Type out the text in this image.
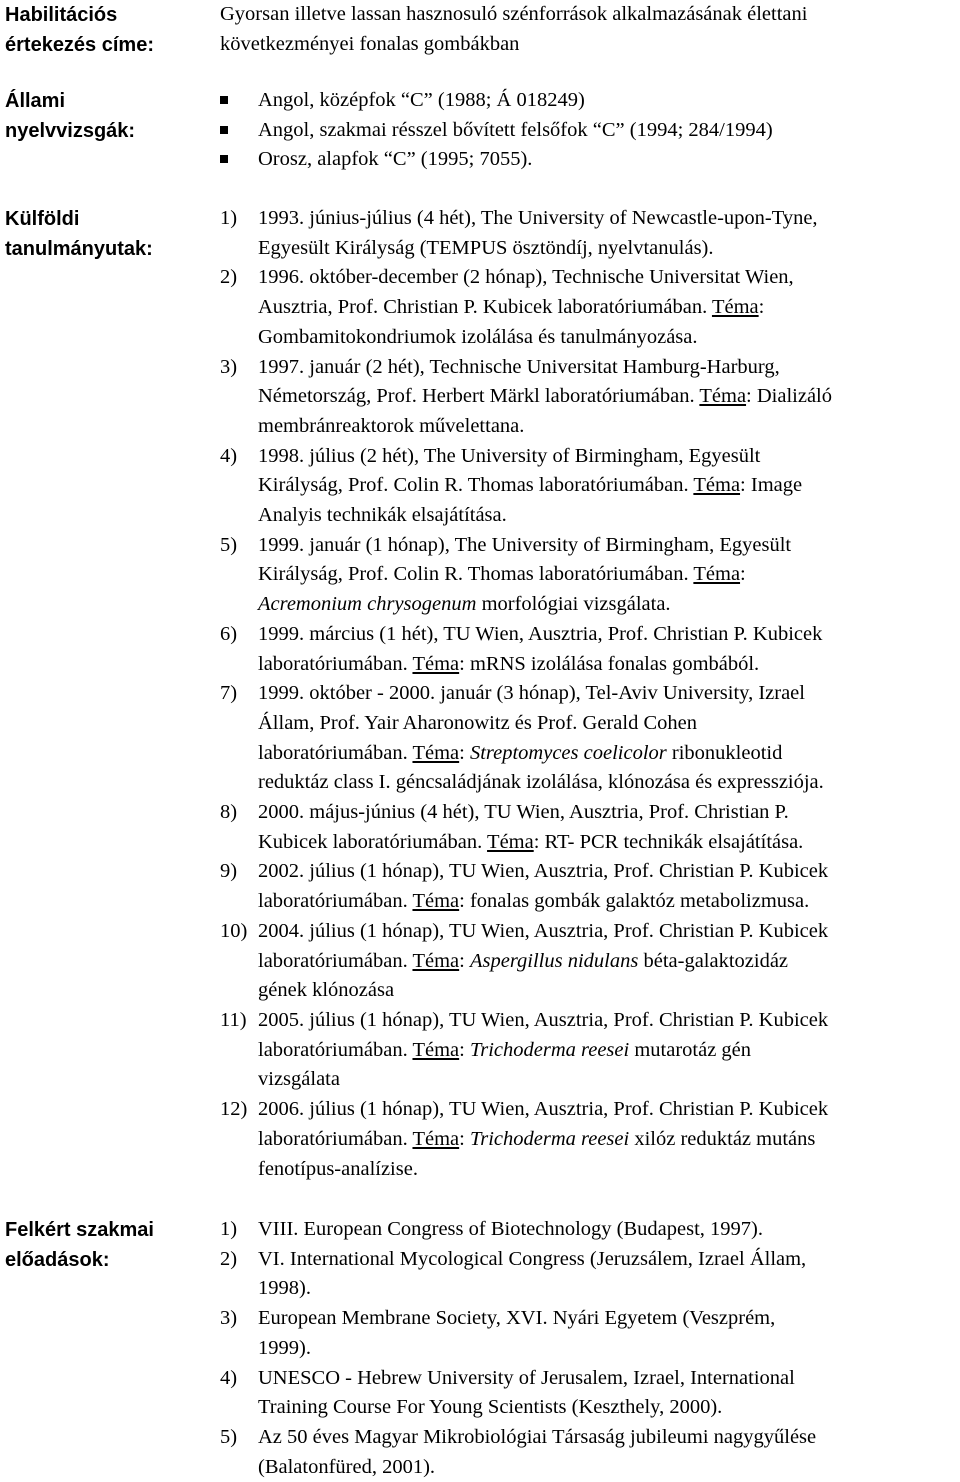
Habilitációs
értekezés címe:
Gyorsan illetve lassan hasznosuló szénforrások alkalmazásának élettani
következményei fonalas gombákban
Állami
nyelvvizsgák:
Angol, középfok “C” (1988; Á 018249)
Angol, szakmai résszel bővített felsőfok “C” (1994; 284/1994)
Orosz, alapfok “C” (1995; 7055).
Külföldi
tanulmányutak:
1) 1993. június-július (4 hét), The University of Newcastle-upon-Tyne,
Egyesült Királyság (TEMPUS ösztöndíj, nyelvtanulás).
2) 1996. október-december (2 hónap), Technische Universitat Wien,
Ausztria, Prof. Christian P. Kubicek laboratóriumában. Téma:
Gombamitokondriumok izolálása és tanulmányozása.
3) 1997. január (2 hét), Technische Universitat Hamburg-Harburg,
Németország, Prof. Herbert Märkl laboratóriumában. Téma: Dializáló
membránreaktorok művelettana.
4) 1998. július (2 hét), The University of Birmingham, Egyesült
Királyság, Prof. Colin R. Thomas laboratóriumában. Téma: Image
Analyis technikák elsajátítása.
5) 1999. január (1 hónap), The University of Birmingham, Egyesült
Királyság, Prof. Colin R. Thomas laboratóriumában. Téma:
Acremonium chrysogenum morfológiai vizsgálata.
6) 1999. március (1 hét), TU Wien, Ausztria, Prof. Christian P. Kubicek
laboratóriumában. Téma: mRNS izolálása fonalas gombából.
7) 1999. október - 2000. január (3 hónap), Tel-Aviv University, Izrael
Állam, Prof. Yair Aharonowitz és Prof. Gerald Cohen
laboratóriumában. Téma: Streptomyces coelicolor ribonukleotid
reduktáz class I. géncsaládjának izolálása, klónozása és expressziója.
8) 2000. május-június (4 hét), TU Wien, Ausztria, Prof. Christian P.
Kubicek laboratóriumában. Téma: RT- PCR technikák elsajátítása.
9) 2002. július (1 hónap), TU Wien, Ausztria, Prof. Christian P. Kubicek
laboratóriumában. Téma: fonalas gombák galaktóz metabolizmusa.
10) 2004. július (1 hónap), TU Wien, Ausztria, Prof. Christian P. Kubicek
laboratóriumában. Téma: Aspergillus nidulans béta-galaktozidáz
gének klónozása
11) 2005. július (1 hónap), TU Wien, Ausztria, Prof. Christian P. Kubicek
laboratóriumában. Téma: Trichoderma reesei mutarotáz gén
vizsgálata
12) 2006. július (1 hónap), TU Wien, Ausztria, Prof. Christian P. Kubicek
laboratóriumában. Téma: Trichoderma reesei xilóz reduktáz mutáns
fenotípus-analízise.
Felkért szakmai
előadások:
1) VIII. European Congress of Biotechnology (Budapest, 1997).
2) VI. International Mycological Congress (Jeruzsálem, Izrael Állam,
1998).
3) European Membrane Society, XVI. Nyári Egyetem (Veszprém,
1999).
4) UNESCO - Hebrew University of Jerusalem, Izrael, International
Training Course For Young Scientists (Keszthely, 2000).
5) Az 50 éves Magyar Mikrobiológiai Társaság jubileumi nagygyűlése
(Balatonfüred, 2001).
